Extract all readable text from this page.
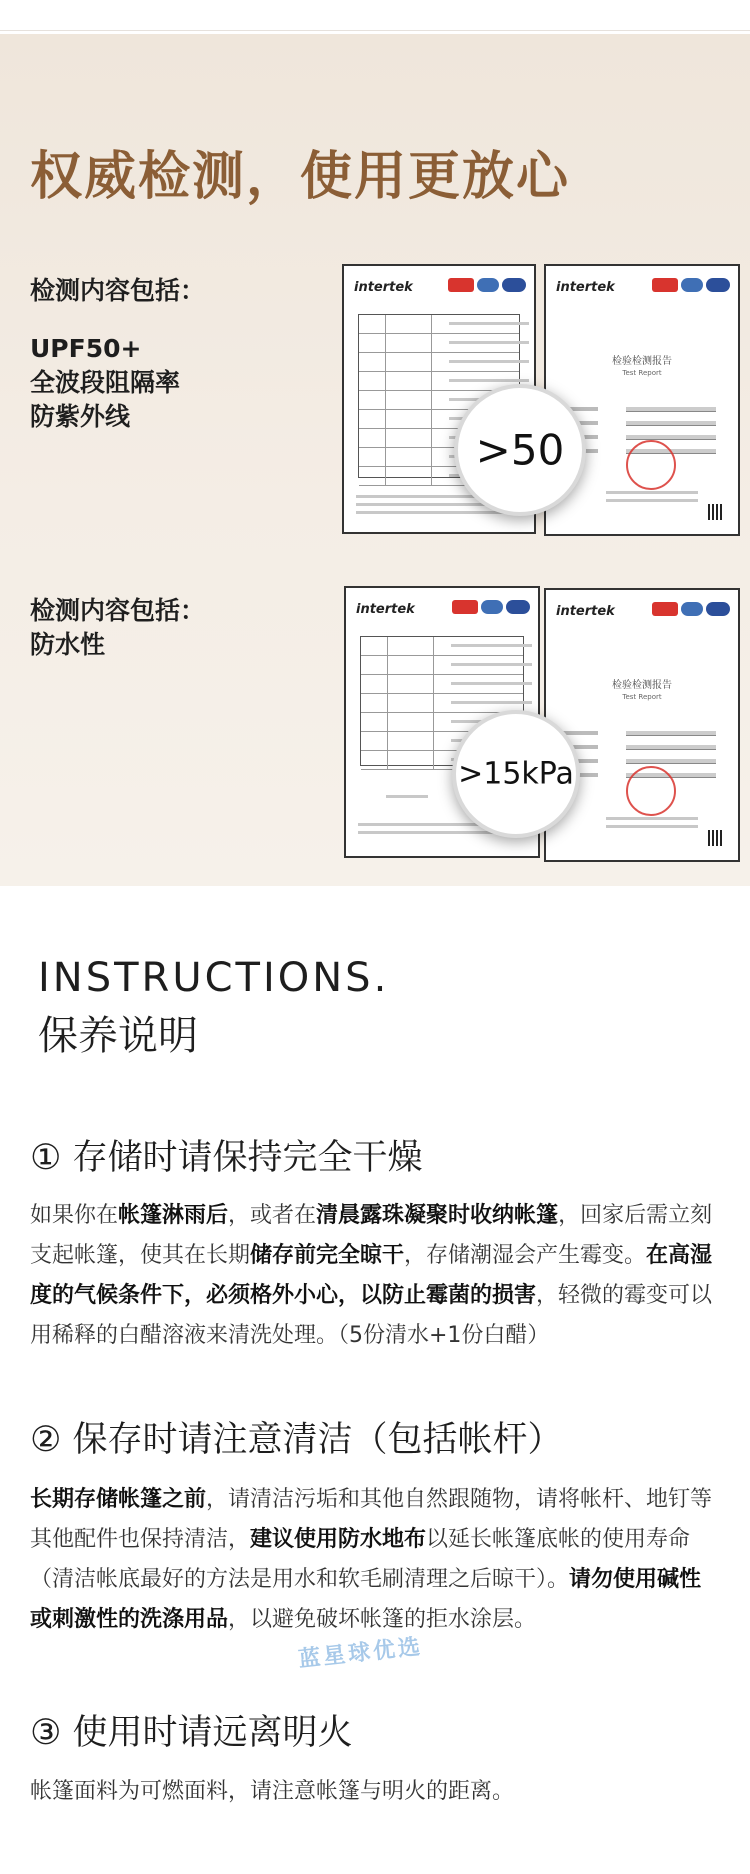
权威检测，使用更放心
检测内容包括：
UPF50+
全波段阻隔率
防紫外线
检测内容包括：
防水性
intertek	intertek
检验检测报告
Test Report
>50
intertek	intertek
检验检测报告
Test Report
>15kPa
INSTRUCTIONS.
保养说明
① 存储时请保持完全干燥
如果你在帐篷淋雨后，或者在清晨露珠凝聚时收纳帐篷，回家后需立刻支起帐篷，使其在长期储存前完全晾干，存储潮湿会产生霉变。在高湿度的气候条件下，必须格外小心，以防止霉菌的损害，轻微的霉变可以用稀释的白醋溶液来清洗处理。（5份清水+1份白醋）
② 保存时请注意清洁（包括帐杆）
长期存储帐篷之前，请清洁污垢和其他自然跟随物，请将帐杆、地钉等其他配件也保持清洁，建议使用防水地布以延长帐篷底帐的使用寿命（清洁帐底最好的方法是用水和软毛刷清理之后晾干）。请勿使用碱性或刺激性的洗涤用品，以避免破坏帐篷的拒水涂层。
③ 使用时请远离明火
帐篷面料为可燃面料，请注意帐篷与明火的距离。
蓝星球优选
